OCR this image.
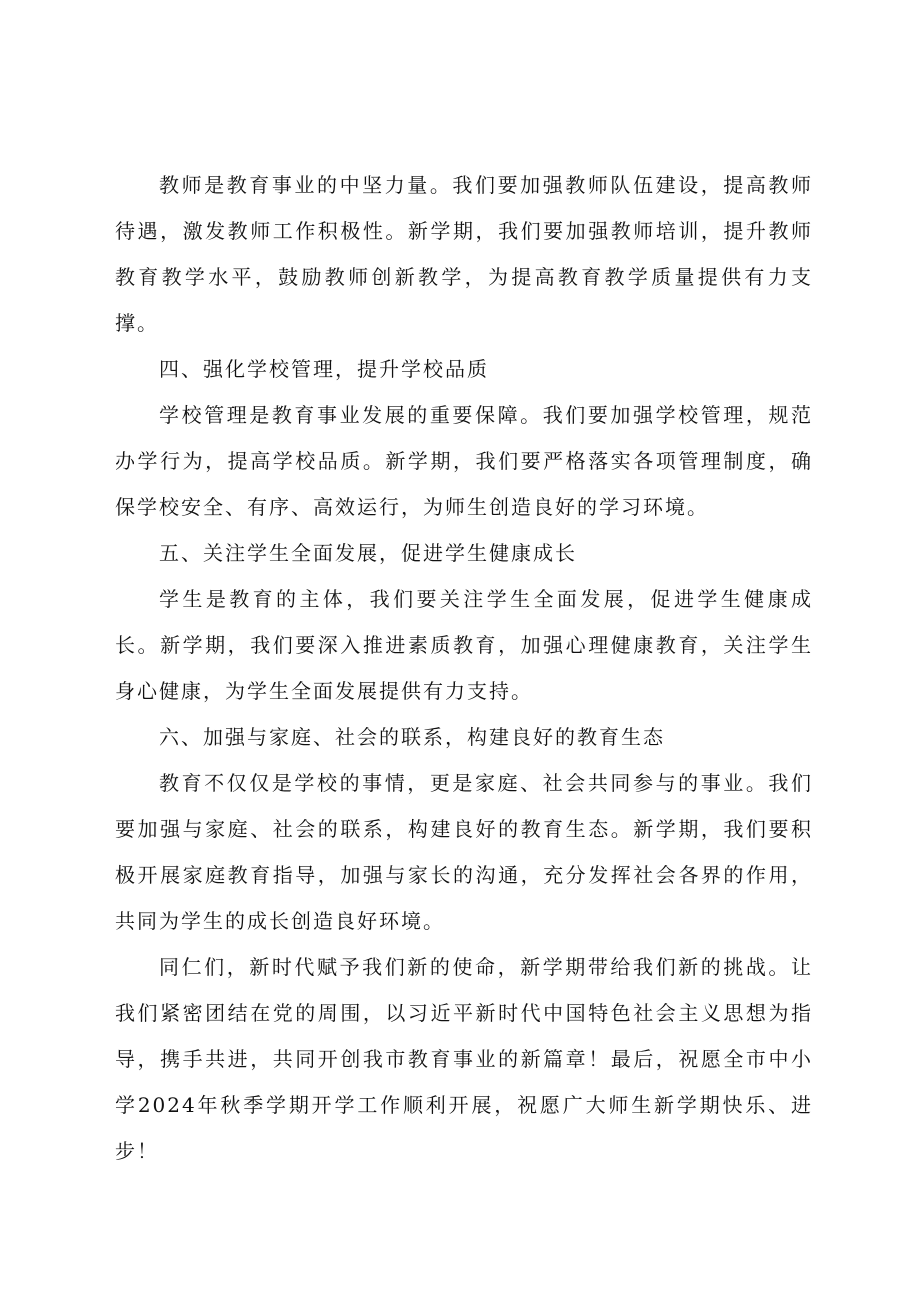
教师是教育事业的中坚力量。我们要加强教师队伍建设，提高教师待遇，激发教师工作积极性。新学期，我们要加强教师培训，提升教师教育教学水平，鼓励教师创新教学，为提高教育教学质量提供有力支撑。

四、强化学校管理，提升学校品质

学校管理是教育事业发展的重要保障。我们要加强学校管理，规范办学行为，提高学校品质。新学期，我们要严格落实各项管理制度，确保学校安全、有序、高效运行，为师生创造良好的学习环境。

五、关注学生全面发展，促进学生健康成长

学生是教育的主体，我们要关注学生全面发展，促进学生健康成长。新学期，我们要深入推进素质教育，加强心理健康教育，关注学生身心健康，为学生全面发展提供有力支持。

六、加强与家庭、社会的联系，构建良好的教育生态

教育不仅仅是学校的事情，更是家庭、社会共同参与的事业。我们要加强与家庭、社会的联系，构建良好的教育生态。新学期，我们要积极开展家庭教育指导，加强与家长的沟通，充分发挥社会各界的作用，共同为学生的成长创造良好环境。

同仁们，新时代赋予我们新的使命，新学期带给我们新的挑战。让我们紧密团结在党的周围，以习近平新时代中国特色社会主义思想为指导，携手共进，共同开创我市教育事业的新篇章！最后，祝愿全市中小学2024年秋季学期开学工作顺利开展，祝愿广大师生新学期快乐、进步！
